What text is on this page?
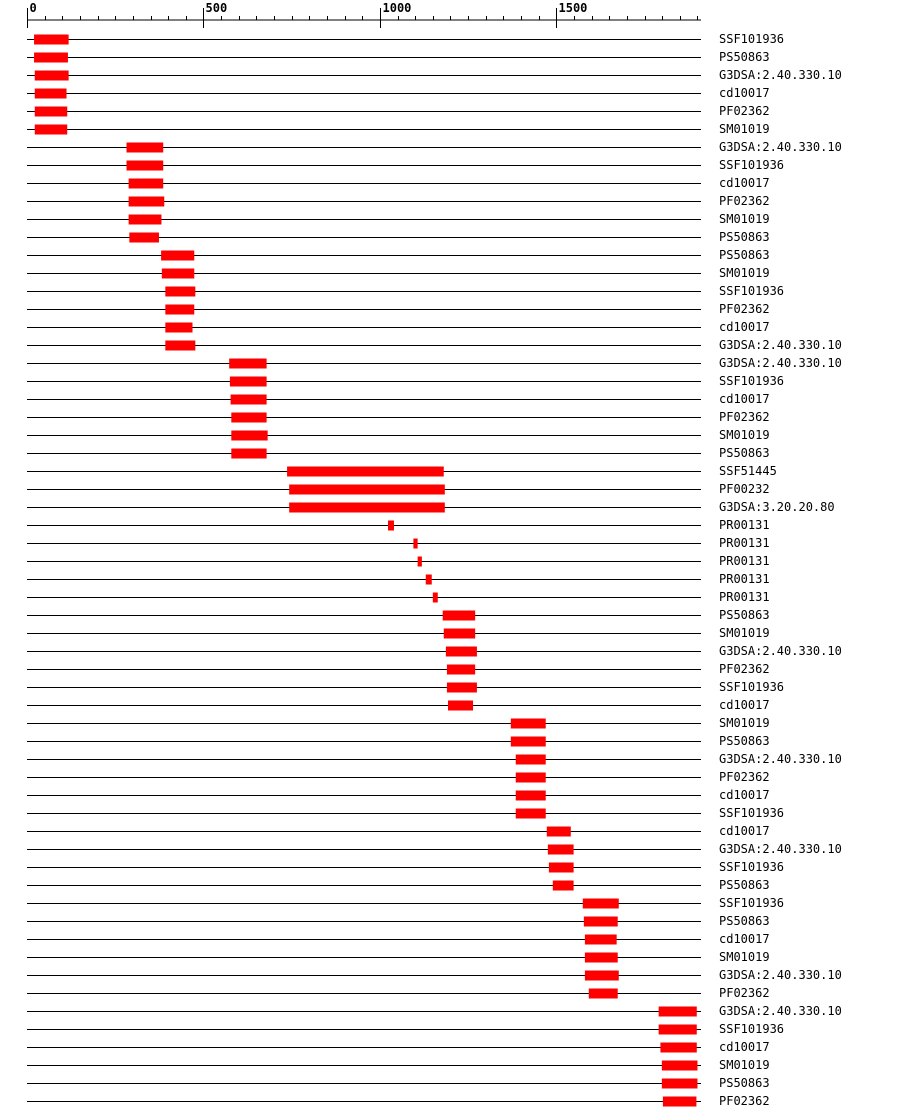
0	500	1000	1500
SSF101936
PS50863
G3DSA:2.40.330.10
cd10017
PF02362
SM01019
G3DSA:2.40.330.10
SSF101936
cd10017
PF02362
SM01019
PS50863
PS50863
SM01019
SSF101936
PF02362
cd10017
G3DSA:2.40.330.10
G3DSA:2.40.330.10
SSF101936
cd10017
PF02362
SM01019
PS50863
SSF51445
PF00232
G3DSA:3.20.20.80
PR00131
PR00131
PR00131
PR00131
PR00131
PS50863
SM01019
G3DSA:2.40.330.10
PF02362
SSF101936
cd10017
SM01019
PS50863
G3DSA:2.40.330.10
PF02362
cd10017
SSF101936
cd10017
G3DSA:2.40.330.10
SSF101936
PS50863
SSF101936
PS50863
cd10017
SM01019
G3DSA:2.40.330.10
PF02362
G3DSA:2.40.330.10
SSF101936
cd10017
SM01019
PS50863
PF02362
